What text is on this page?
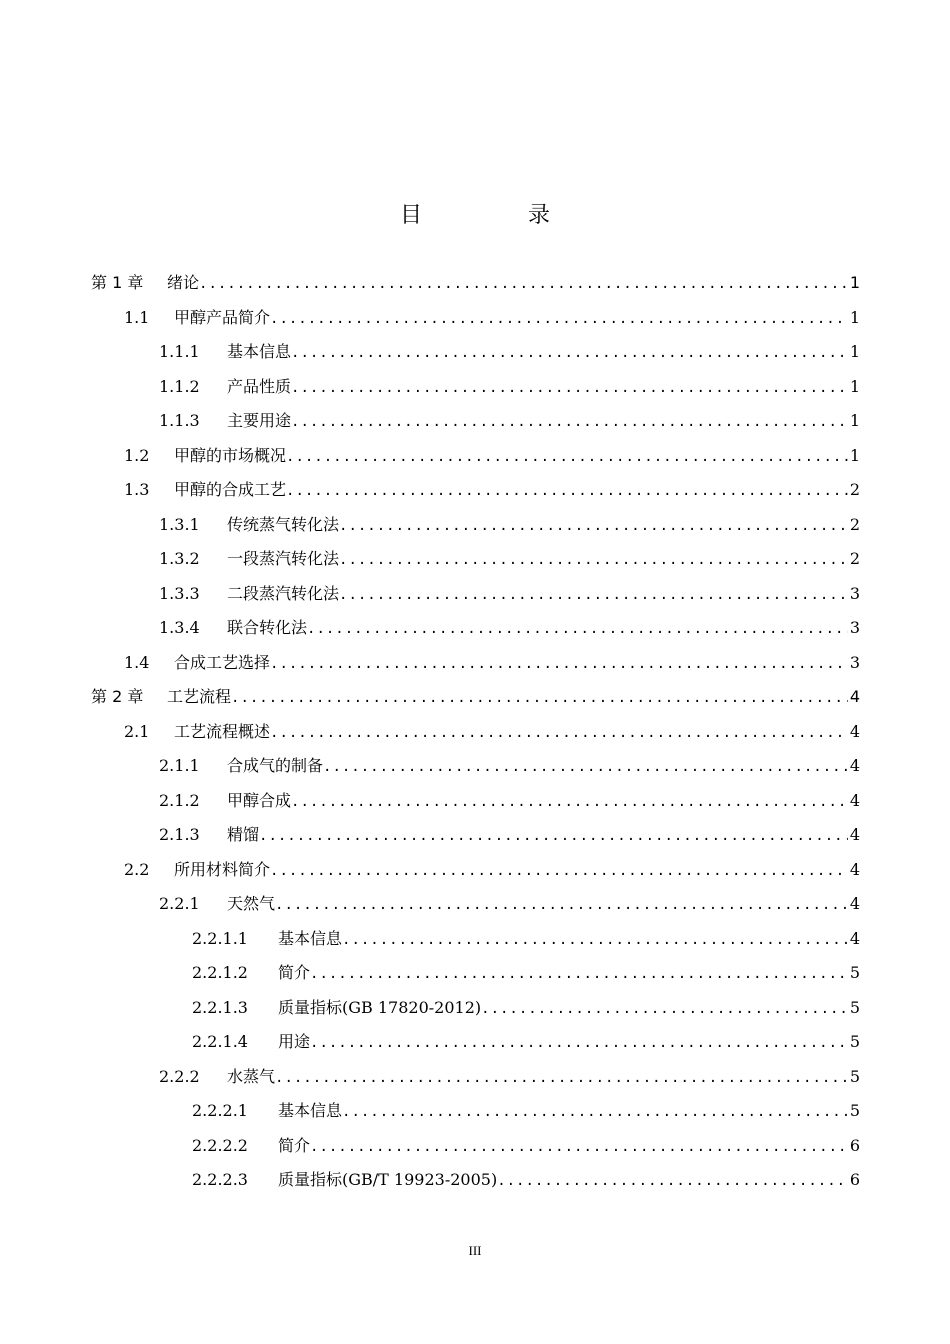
目　录
第 1 章	绪论 .....	1
1.1	甲醇产品简介 .....	1
1.1.1	基本信息 .....	1
1.1.2	产品性质 .....	1
1.1.3	主要用途 .....	1
1.2	甲醇的市场概况 .....	1
1.3	甲醇的合成工艺 .....	2
1.3.1	传统蒸气转化法 .....	2
1.3.2	一段蒸汽转化法 .....	2
1.3.3	二段蒸汽转化法 .....	3
1.3.4	联合转化法 .....	3
1.4	合成工艺选择 .....	3
第 2 章	工艺流程 .....	4
2.1	工艺流程概述 .....	4
2.1.1	合成气的制备 .....	4
2.1.2	甲醇合成 .....	4
2.1.3	精馏 .....	4
2.2	所用材料简介 .....	4
2.2.1	天然气 .....	4
2.2.1.1	基本信息 .....	4
2.2.1.2	简介 .....	5
2.2.1.3	质量指标(GB 17820-2012) .....	5
2.2.1.4	用途 .....	5
2.2.2	水蒸气 .....	5
2.2.2.1	基本信息 .....	5
2.2.2.2	简介 .....	6
2.2.2.3	质量指标(GB/T 19923-2005) .....	6
III
